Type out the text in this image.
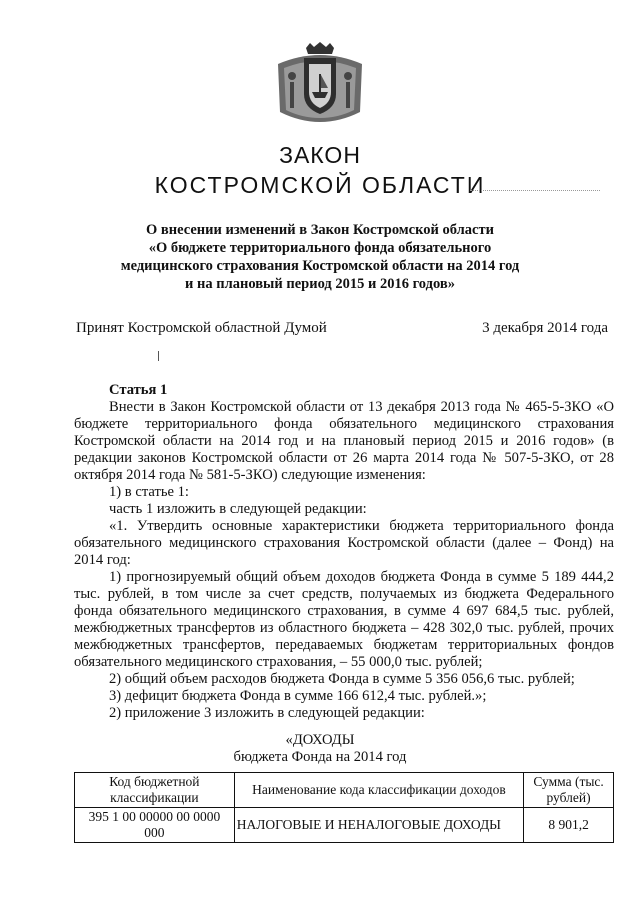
ЗАКОН
КОСТРОМСКОЙ ОБЛАСТИ
О внесении изменений в Закон Костромской области
«О бюджете территориального фонда обязательного
медицинского страхования Костромской области на 2014 год
и на плановый период 2015 и 2016 годов»
Принят Костромской областной Думой	3 декабря 2014 года

Статья 1

Внести в Закон Костромской области от 13 декабря 2013 года № 465-5-ЗКО «О бюджете территориального фонда обязательного медицинского страхования Костромской области на 2014 год и на плановый период 2015 и 2016 годов» (в редакции законов Костромской области от 26 марта 2014 года № 507-5-ЗКО, от 28 октября 2014 года № 581-5-ЗКО) следующие изменения:

1) в статье 1:

часть 1 изложить в следующей редакции:

«1. Утвердить основные характеристики бюджета территориального фонда обязательного медицинского страхования Костромской области (далее – Фонд) на 2014 год:

1) прогнозируемый общий объем доходов бюджета Фонда в сумме 5 189 444,2 тыс. рублей, в том числе за счет средств, получаемых из бюджета Федерального фонда обязательного медицинского страхования, в сумме 4 697 684,5 тыс. рублей, межбюджетных трансфертов из областного бюджета – 428 302,0 тыс. рублей, прочих межбюджетных трансфертов, передаваемых бюджетам территориальных фондов обязательного медицинского страхования, – 55 000,0 тыс. рублей;

2) общий объем расходов бюджета Фонда в сумме 5 356 056,6 тыс. рублей;

3) дефицит бюджета Фонда в сумме 166 612,4 тыс. рублей.»;

2) приложение 3 изложить в следующей редакции:

«ДОХОДЫ
бюджета Фонда на 2014 год
Код бюджетной классификации	Наименование кода классификации доходов	Сумма (тыс. рублей)
395 1 00 00000 00 0000 000	НАЛОГОВЫЕ И НЕНАЛОГОВЫЕ ДОХОДЫ	8 901,2
